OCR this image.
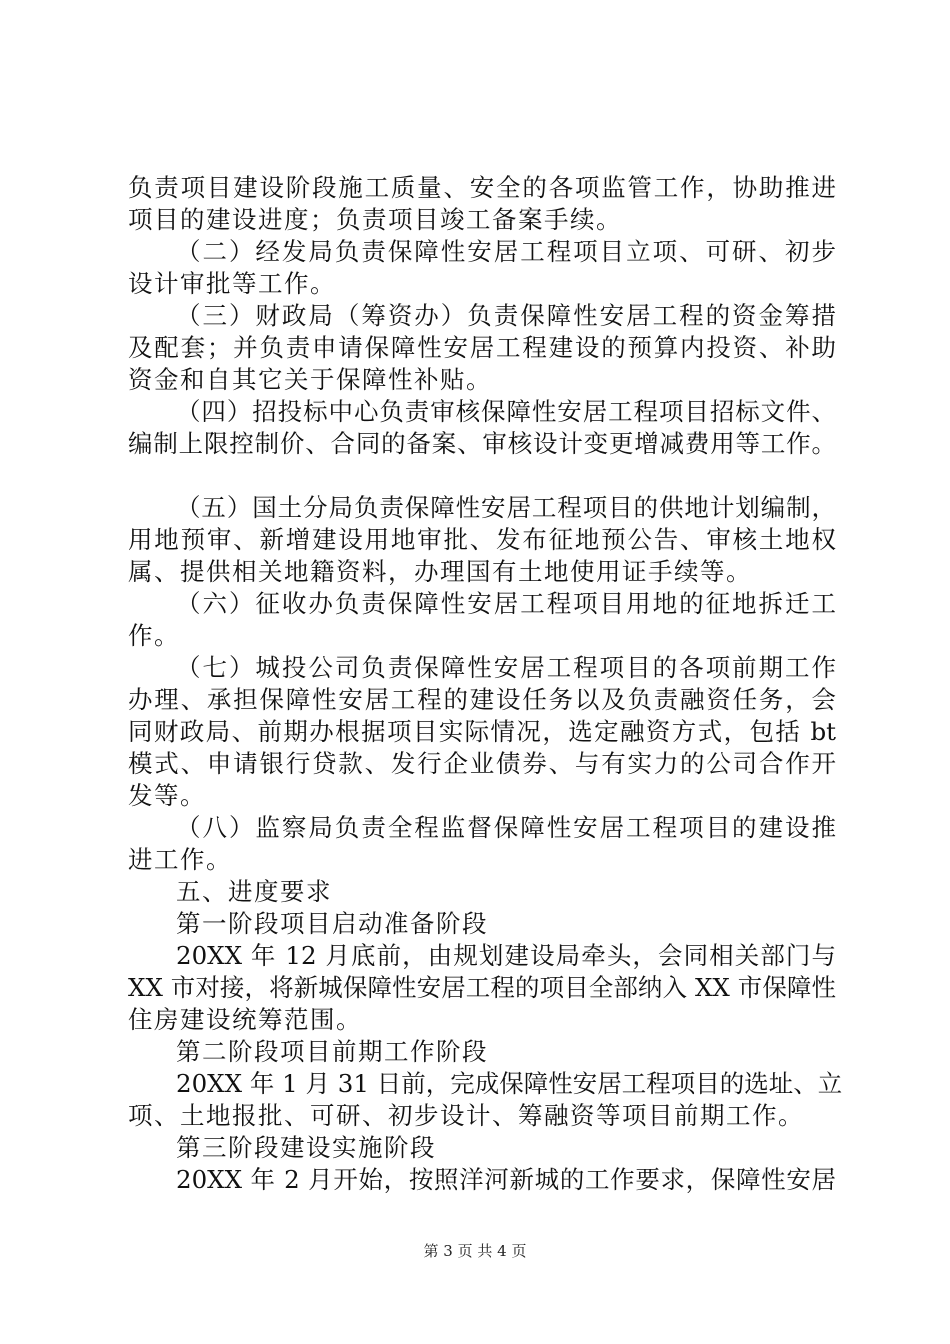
负责项目建设阶段施工质量、安全的各项监管工作，协助推进
项目的建设进度；负责项目竣工备案手续。
（二）经发局负责保障性安居工程项目立项、可研、初步
设计审批等工作。
（三）财政局（筹资办）负责保障性安居工程的资金筹措
及配套；并负责申请保障性安居工程建设的预算内投资、补助
资金和自其它关于保障性补贴。
（四）招投标中心负责审核保障性安居工程项目招标文件、
编制上限控制价、合同的备案、审核设计变更增减费用等工作。
（五）国土分局负责保障性安居工程项目的供地计划编制，
用地预审、新增建设用地审批、发布征地预公告、审核土地权
属、提供相关地籍资料，办理国有土地使用证手续等。
（六）征收办负责保障性安居工程项目用地的征地拆迁工
作。
（七）城投公司负责保障性安居工程项目的各项前期工作
办理、承担保障性安居工程的建设任务以及负责融资任务，会
同财政局、前期办根据项目实际情况，选定融资方式，包括 bt
模式、申请银行贷款、发行企业债券、与有实力的公司合作开
发等。
（八）监察局负责全程监督保障性安居工程项目的建设推
进工作。
五、进度要求
第一阶段项目启动准备阶段
20XX 年 12 月底前，由规划建设局牵头，会同相关部门与
XX 市对接，将新城保障性安居工程的项目全部纳入 XX 市保障性
住房建设统筹范围。
第二阶段项目前期工作阶段
20XX 年 1 月 31 日前，完成保障性安居工程项目的选址、立
项、土地报批、可研、初步设计、筹融资等项目前期工作。
第三阶段建设实施阶段
20XX 年 2 月开始，按照洋河新城的工作要求，保障性安居
第 3 页 共 4 页
